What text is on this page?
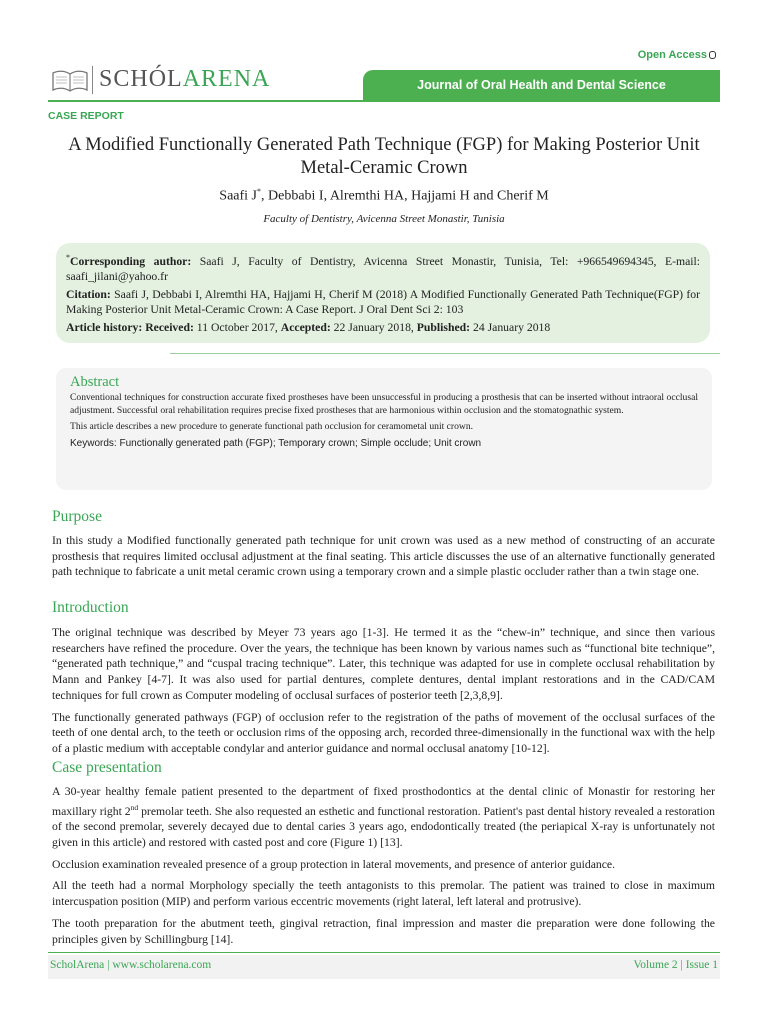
Open Access
SCHÓLARENA	Journal of Oral Health and Dental Science
CASE REPORT
A Modified Functionally Generated Path Technique (FGP) for Making Posterior Unit Metal-Ceramic Crown
Saafi J*, Debbabi I, Alremthi HA, Hajjami H and Cherif M
Faculty of Dentistry, Avicenna Street Monastir, Tunisia

*Corresponding author: Saafi J, Faculty of Dentistry, Avicenna Street Monastir, Tunisia, Tel: +966549694345, E-mail: saafi_jilani@yahoo.fr

Citation: Saafi J, Debbabi I, Alremthi HA, Hajjami H, Cherif M (2018) A Modified Functionally Generated Path Technique(FGP) for Making Posterior Unit Metal-Ceramic Crown: A Case Report. J Oral Dent Sci 2: 103

Article history: Received: 11 October 2017, Accepted: 22 January 2018, Published: 24 January 2018

Abstract

Conventional techniques for construction accurate fixed prostheses have been unsuccessful in producing a prosthesis that can be inserted without intraoral occlusal adjustment. Successful oral rehabilitation requires precise fixed prostheses that are harmonious within occlusion and the stomatognathic system.

This article describes a new procedure to generate functional path occlusion for ceramometal unit crown.

Keywords: Functionally generated path (FGP); Temporary crown; Simple occlude; Unit crown

Purpose

In this study a Modified functionally generated path technique for unit crown was used as a new method of constructing of an accurate prosthesis that requires limited occlusal adjustment at the final seating. This article discusses the use of an alternative functionally generated path technique to fabricate a unit metal ceramic crown using a temporary crown and a simple plastic occluder rather than a twin stage one.

Introduction

The original technique was described by Meyer 73 years ago [1-3]. He termed it as the “chew-in” technique, and since then various researchers have refined the procedure. Over the years, the technique has been known by various names such as “functional bite technique”, “generated path technique,” and “cuspal tracing technique”. Later, this technique was adapted for use in complete occlusal rehabilitation by Mann and Pankey [4-7]. It was also used for partial dentures, complete dentures, dental implant restorations and in the CAD/CAM techniques for full crown as Computer modeling of occlusal surfaces of posterior teeth [2,3,8,9].

The functionally generated pathways (FGP) of occlusion refer to the registration of the paths of movement of the occlusal surfaces of the teeth of one dental arch, to the teeth or occlusion rims of the opposing arch, recorded three-dimensionally in the functional wax with the help of a plastic medium with acceptable condylar and anterior guidance and normal occlusal anatomy [10-12].

Case presentation

A 30-year healthy female patient presented to the department of fixed prosthodontics at the dental clinic of Monastir for restoring her maxillary right 2nd premolar teeth. She also requested an esthetic and functional restoration. Patient's past dental history revealed a restoration of the second premolar, severely decayed due to dental caries 3 years ago, endodontically treated (the periapical X-ray is unfortunately not given in this article) and restored with casted post and core (Figure 1) [13].

Occlusion examination revealed presence of a group protection in lateral movements, and presence of anterior guidance.

All the teeth had a normal Morphology specially the teeth antagonists to this premolar. The patient was trained to close in maximum intercuspation position (MIP) and perform various eccentric movements (right lateral, left lateral and protrusive).

The tooth preparation for the abutment teeth, gingival retraction, final impression and master die preparation were done following the principles given by Schillingburg [14].

ScholArena | www.scholarena.com	Volume 2 | Issue 1
